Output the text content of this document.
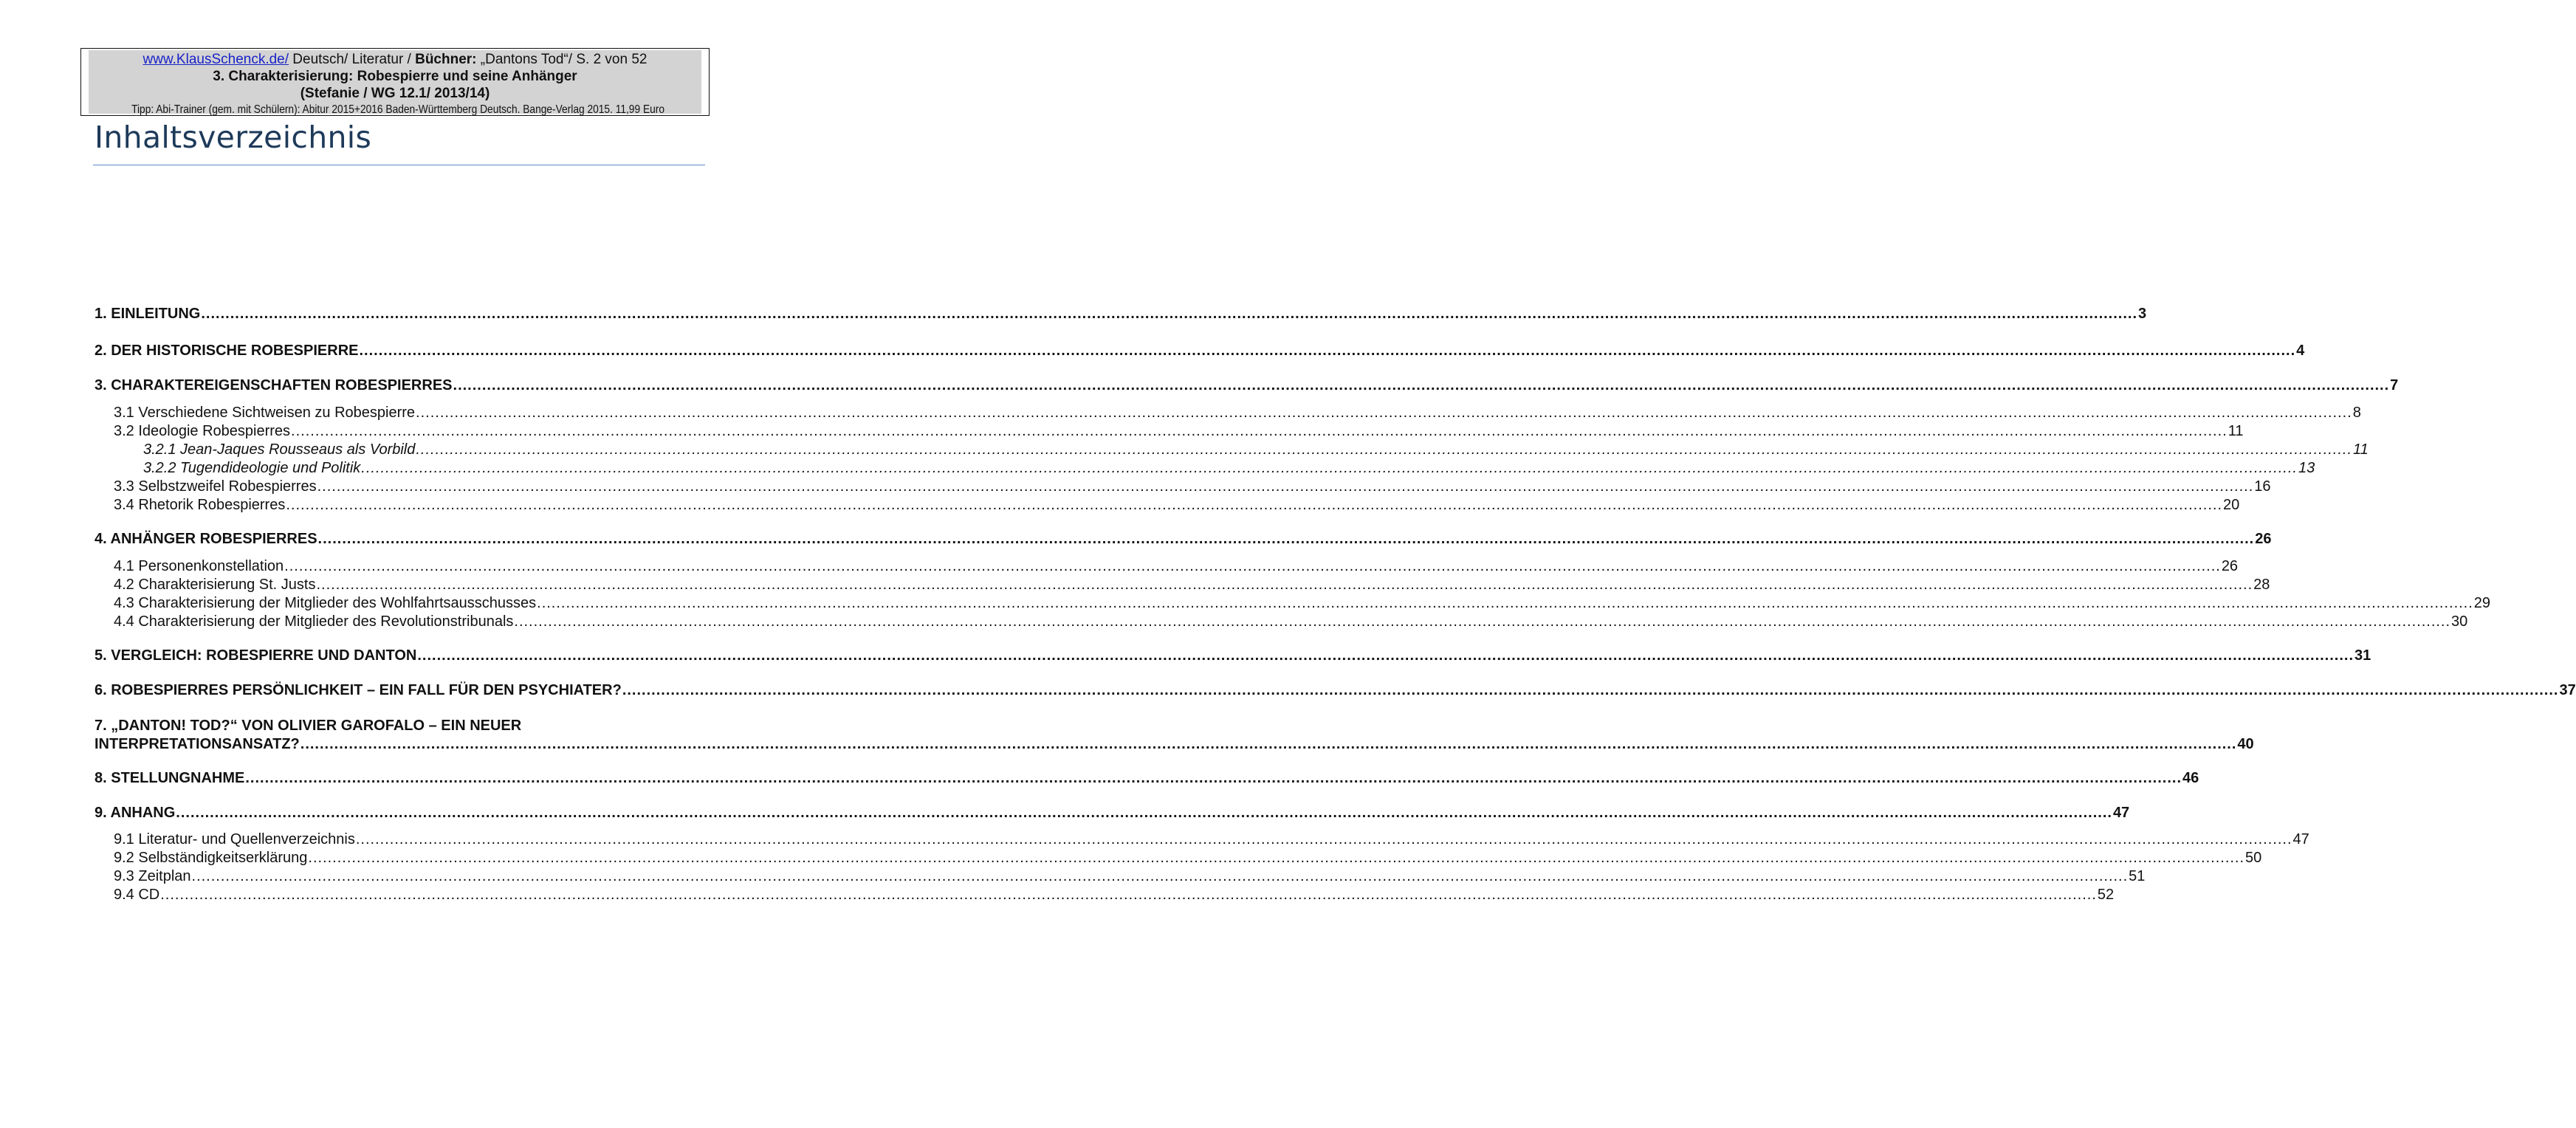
www.KlausSchenck.de/ Deutsch/ Literatur / Büchner: „Dantons Tod“/ S. 2 von 52
3. Charakterisierung: Robespierre und seine Anhänger
(Stefanie / WG 12.1/ 2013/14)
Tipp: Abi-Trainer (gem. mit Schülern): Abitur 2015+2016 Baden-Württemberg Deutsch. Bange-Verlag 2015. 11,99 Euro
Inhaltsverzeichnis
1. EINLEITUNG ................................................................................................................................................................................................................................................................................................................................................................................................................ 3
2. DER HISTORISCHE ROBESPIERRE ................................................................................................................................................................................................................................................................................................................................................................................................................ 4
3. CHARAKTEREIGENSCHAFTEN ROBESPIERRES ................................................................................................................................................................................................................................................................................................................................................................................................................ 7
3.1 Verschiedene Sichtweisen zu Robespierre ................................................................................................................................................................................................................................................................................................................................................................................................................ 8
3.2 Ideologie Robespierres ................................................................................................................................................................................................................................................................................................................................................................................................................ 11
3.2.1 Jean-Jaques Rousseaus als Vorbild ................................................................................................................................................................................................................................................................................................................................................................................................................ 11
3.2.2 Tugendideologie und Politik ................................................................................................................................................................................................................................................................................................................................................................................................................ 13
3.3 Selbstzweifel Robespierres ................................................................................................................................................................................................................................................................................................................................................................................................................ 16
3.4 Rhetorik Robespierres ................................................................................................................................................................................................................................................................................................................................................................................................................ 20
4. ANHÄNGER ROBESPIERRES ................................................................................................................................................................................................................................................................................................................................................................................................................ 26
4.1 Personenkonstellation ................................................................................................................................................................................................................................................................................................................................................................................................................ 26
4.2 Charakterisierung St. Justs ................................................................................................................................................................................................................................................................................................................................................................................................................ 28
4.3 Charakterisierung der Mitglieder des Wohlfahrtsausschusses ................................................................................................................................................................................................................................................................................................................................................................................................................ 29
4.4 Charakterisierung der Mitglieder des Revolutionstribunals ................................................................................................................................................................................................................................................................................................................................................................................................................ 30
5. VERGLEICH: ROBESPIERRE UND DANTON ................................................................................................................................................................................................................................................................................................................................................................................................................ 31
6. ROBESPIERRES PERSÖNLICHKEIT – EIN FALL FÜR DEN PSYCHIATER? ................................................................................................................................................................................................................................................................................................................................................................................................................ 37
7. „DANTON! TOD?“ VON OLIVIER GAROFALO – EIN NEUER
INTERPRETATIONSANSATZ? ................................................................................................................................................................................................................................................................................................................................................................................................................ 40
8. STELLUNGNAHME ................................................................................................................................................................................................................................................................................................................................................................................................................ 46
9. ANHANG ................................................................................................................................................................................................................................................................................................................................................................................................................ 47
9.1 Literatur- und Quellenverzeichnis ................................................................................................................................................................................................................................................................................................................................................................................................................ 47
9.2 Selbständigkeitserklärung ................................................................................................................................................................................................................................................................................................................................................................................................................ 50
9.3 Zeitplan ................................................................................................................................................................................................................................................................................................................................................................................................................ 51
9.4 CD ................................................................................................................................................................................................................................................................................................................................................................................................................ 52
